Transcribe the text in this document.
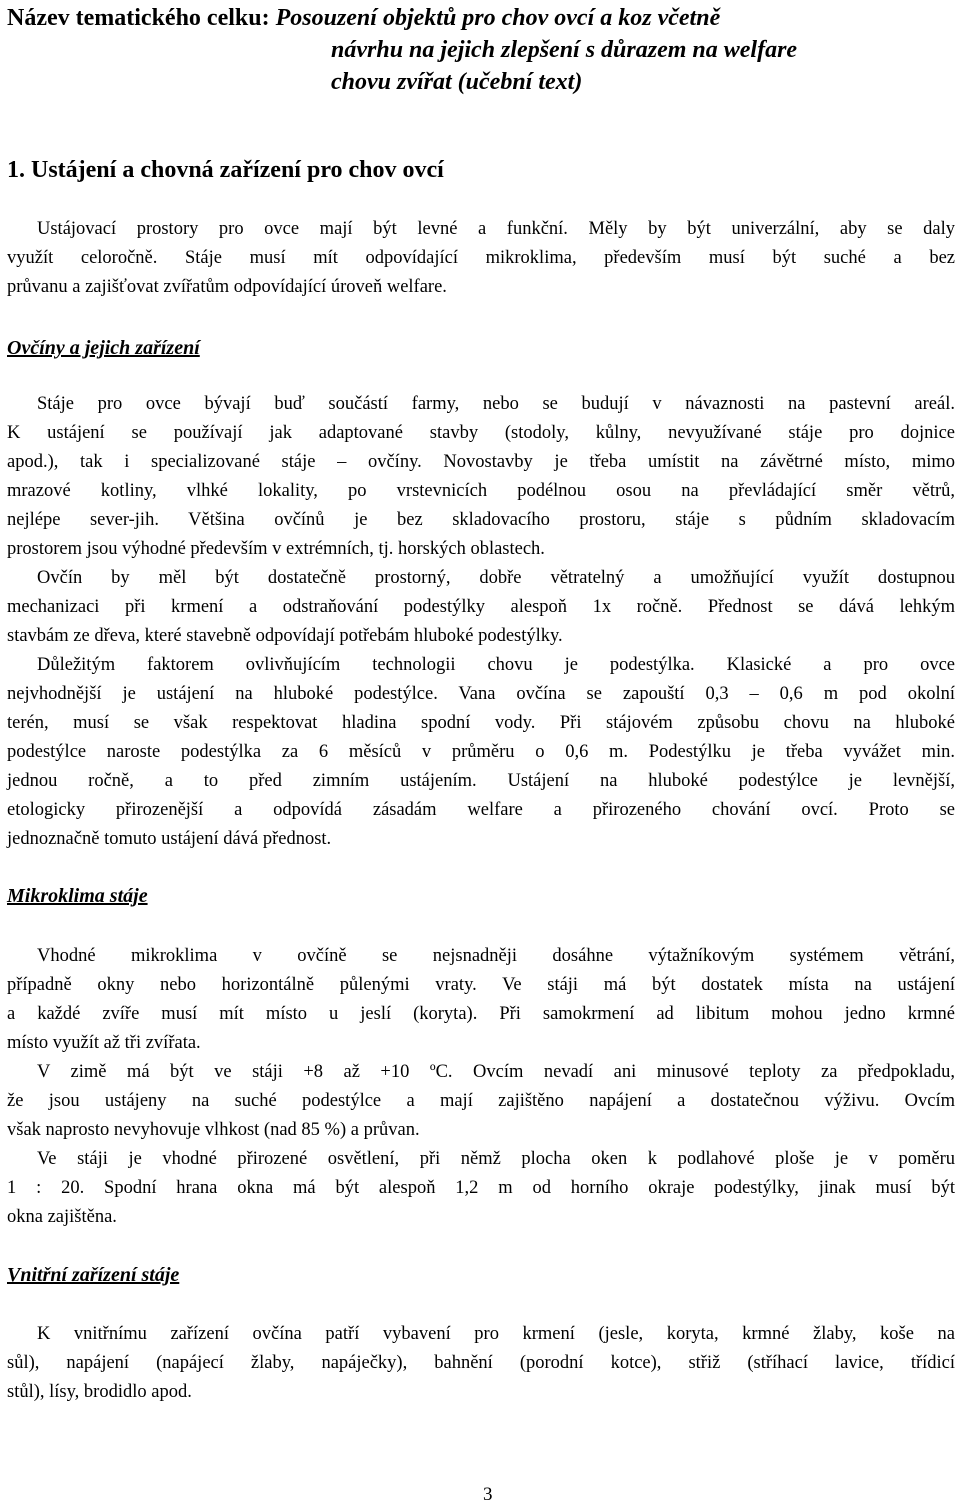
Název tematického celku: Posouzení objektů pro chov ovcí a koz včetně
návrhu na jejich zlepšení s důrazem na welfare
chovu zvířat (učební text)
1. Ustájení a chovná zařízení pro chov ovcí
Ustájovací prostory pro ovce mají být levné a funkční. Měly by být univerzální, aby se daly
využít celoročně. Stáje musí mít odpovídající mikroklima, především musí být suché a bez
průvanu a zajišťovat zvířatům odpovídající úroveň welfare.
Ovčíny a jejich zařízení
Stáje pro ovce bývají buď součástí farmy, nebo se budují v návaznosti na pastevní areál.
K ustájení se používají jak adaptované stavby (stodoly, kůlny, nevyužívané stáje pro dojnice
apod.), tak i specializované stáje – ovčíny. Novostavby je třeba umístit na závětrné místo, mimo
mrazové kotliny, vlhké lokality, po vrstevnicích podélnou osou na převládající směr větrů,
nejlépe sever-jih. Většina ovčínů je bez skladovacího prostoru, stáje s půdním skladovacím
prostorem jsou výhodné především v extrémních, tj. horských oblastech.
Ovčín by měl být dostatečně prostorný, dobře větratelný a umožňující využít dostupnou
mechanizaci při krmení a odstraňování podestýlky alespoň 1x ročně. Přednost se dává lehkým
stavbám ze dřeva, které stavebně odpovídají potřebám hluboké podestýlky.
Důležitým faktorem ovlivňujícím technologii chovu je podestýlka. Klasické a pro ovce
nejvhodnější je ustájení na hluboké podestýlce. Vana ovčína se zapouští 0,3 – 0,6 m pod okolní
terén, musí se však respektovat hladina spodní vody. Při stájovém způsobu chovu na hluboké
podestýlce naroste podestýlka za 6 měsíců v průměru o 0,6 m. Podestýlku je třeba vyvážet min.
jednou ročně, a to před zimním ustájením. Ustájení na hluboké podestýlce je levnější,
etologicky přirozenější a odpovídá zásadám welfare a přirozeného chování ovcí. Proto se
jednoznačně tomuto ustájení dává přednost.
Mikroklima stáje
Vhodné mikroklima v ovčíně se nejsnadněji dosáhne výtažníkovým systémem větrání,
případně okny nebo horizontálně půlenými vraty. Ve stáji má být dostatek místa na ustájení
a každé zvíře musí mít místo u jeslí (koryta). Při samokrmení ad libitum mohou jedno krmné
místo využít až tři zvířata.
V zimě má být ve stáji +8 až +10 ºC. Ovcím nevadí ani minusové teploty za předpokladu,
že jsou ustájeny na suché podestýlce a mají zajištěno napájení a dostatečnou výživu. Ovcím
však naprosto nevyhovuje vlhkost (nad 85 %) a průvan.
Ve stáji je vhodné přirozené osvětlení, při němž plocha oken k podlahové ploše je v poměru
1 : 20. Spodní hrana okna má být alespoň 1,2 m od horního okraje podestýlky, jinak musí být
okna zajištěna.
Vnitřní zařízení stáje
K vnitřnímu zařízení ovčína patří vybavení pro krmení (jesle, koryta, krmné žlaby, koše na
sůl), napájení (napájecí žlaby, napáječky), bahnění (porodní kotce), střiž (stříhací lavice, třídicí
stůl), lísy, brodidlo apod.
3
